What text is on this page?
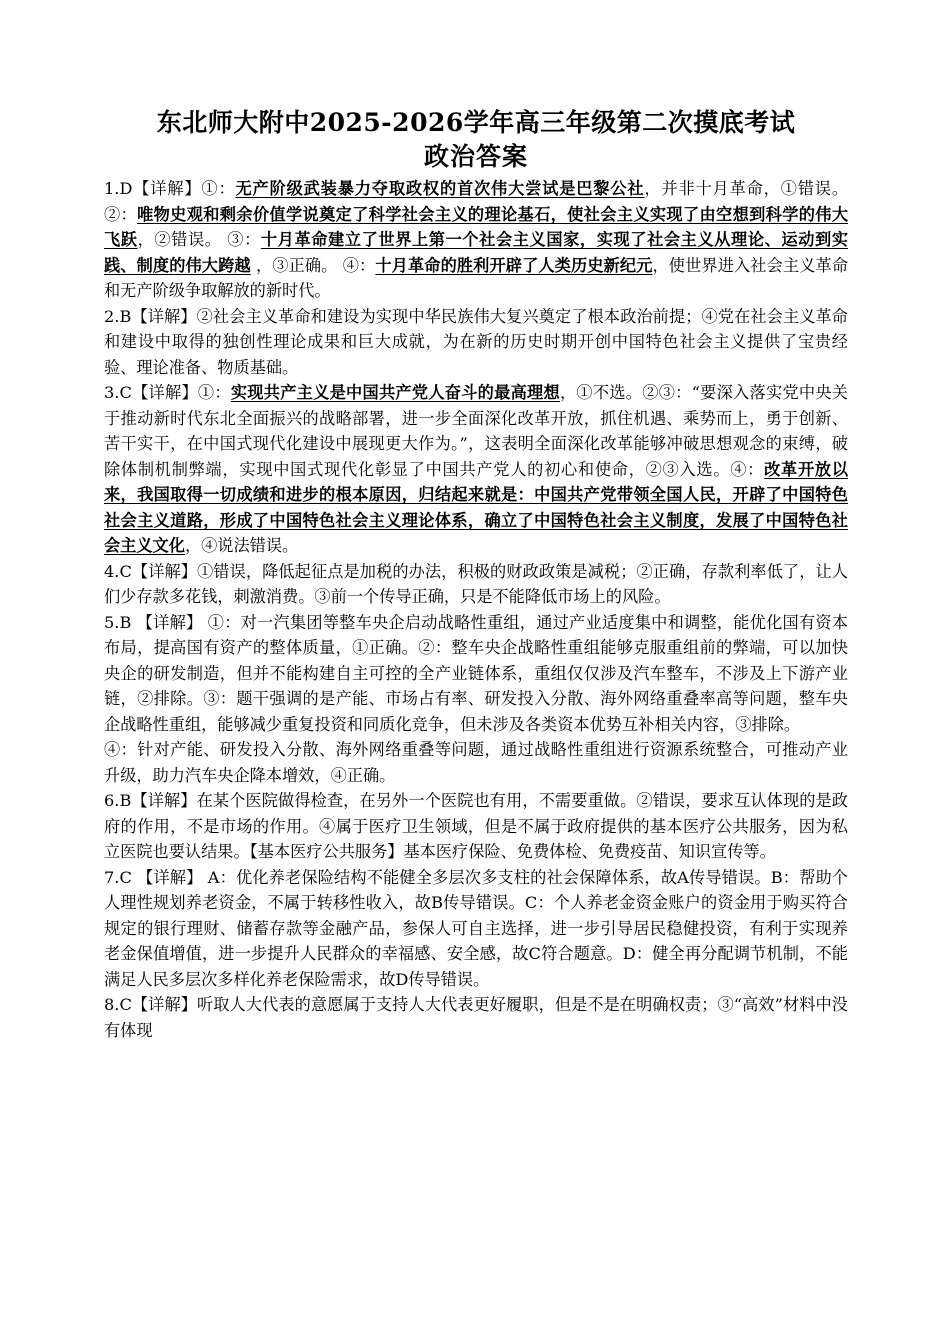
东北师大附中2025-2026学年高三年级第二次摸底考试
政治答案

1.D【详解】①：无产阶级武装暴力夺取政权的首次伟大尝试是巴黎公社，并非十月革命，①错误。 ②：唯物史观和剩余价值学说奠定了科学社会主义的理论基石，使社会主义实现了由空想到科学的伟大飞跃，②错误。 ③：十月革命建立了世界上第一个社会主义国家，实现了社会主义从理论、运动到实践、制度的伟大跨越 ，③正确。 ④：十月革命的胜利开辟了人类历史新纪元，使世界进入社会主义革命和无产阶级争取解放的新时代。

2.B【详解】②社会主义革命和建设为实现中华民族伟大复兴奠定了根本政治前提；④党在社会主义革命和建设中取得的独创性理论成果和巨大成就，为在新的历史时期开创中国特色社会主义提供了宝贵经验、理论准备、物质基础。

3.C【详解】①：实现共产主义是中国共产党人奋斗的最高理想，①不选。②③：“要深入落实党中央关于推动新时代东北全面振兴的战略部署，进一步全面深化改革开放，抓住机遇、乘势而上，勇于创新、苦干实干，在中国式现代化建设中展现更大作为。”，这表明全面深化改革能够冲破思想观念的束缚，破除体制机制弊端，实现中国式现代化彰显了中国共产党人的初心和使命，②③入选。④：改革开放以来，我国取得一切成绩和进步的根本原因，归结起来就是：中国共产党带领全国人民，开辟了中国特色社会主义道路，形成了中国特色社会主义理论体系，确立了中国特色社会主义制度，发展了中国特色社会主义文化，④说法错误。

4.C【详解】①错误，降低起征点是加税的办法，积极的财政政策是减税；②正确，存款利率低了，让人们少存款多花钱，刺激消费。③前一个传导正确，只是不能降低市场上的风险。

5.B 【详解】 ①：对一汽集团等整车央企启动战略性重组，通过产业适度集中和调整，能优化国有资本布局，提高国有资产的整体质量，①正确。②：整车央企战略性重组能够克服重组前的弊端，可以加快央企的研发制造，但并不能构建自主可控的全产业链体系，重组仅仅涉及汽车整车，不涉及上下游产业链，②排除。③：题干强调的是产能、市场占有率、研发投入分散、海外网络重叠率高等问题，整车央企战略性重组，能够减少重复投资和同质化竞争，但未涉及各类资本优势互补相关内容，③排除。

④：针对产能、研发投入分散、海外网络重叠等问题，通过战略性重组进行资源系统整合，可推动产业升级，助力汽车央企降本增效，④正确。

6.B【详解】在某个医院做得检查，在另外一个医院也有用，不需要重做。②错误，要求互认体现的是政府的作用，不是市场的作用。④属于医疗卫生领域，但是不属于政府提供的基本医疗公共服务，因为私立医院也要认结果。【基本医疗公共服务】基本医疗保险、免费体检、免费疫苗、知识宣传等。

7.C 【详解】 A：优化养老保险结构不能健全多层次多支柱的社会保障体系，故A传导错误。B：帮助个人理性规划养老资金，不属于转移性收入，故B传导错误。C：个人养老金资金账户的资金用于购买符合规定的银行理财、储蓄存款等金融产品，参保人可自主选择，进一步引导居民稳健投资，有利于实现养老金保值增值，进一步提升人民群众的幸福感、安全感，故C符合题意。D：健全再分配调节机制，不能满足人民多层次多样化养老保险需求，故D传导错误。

8.C【详解】听取人大代表的意愿属于支持人大代表更好履职，但是不是在明确权责；③“高效”材料中没有体现
